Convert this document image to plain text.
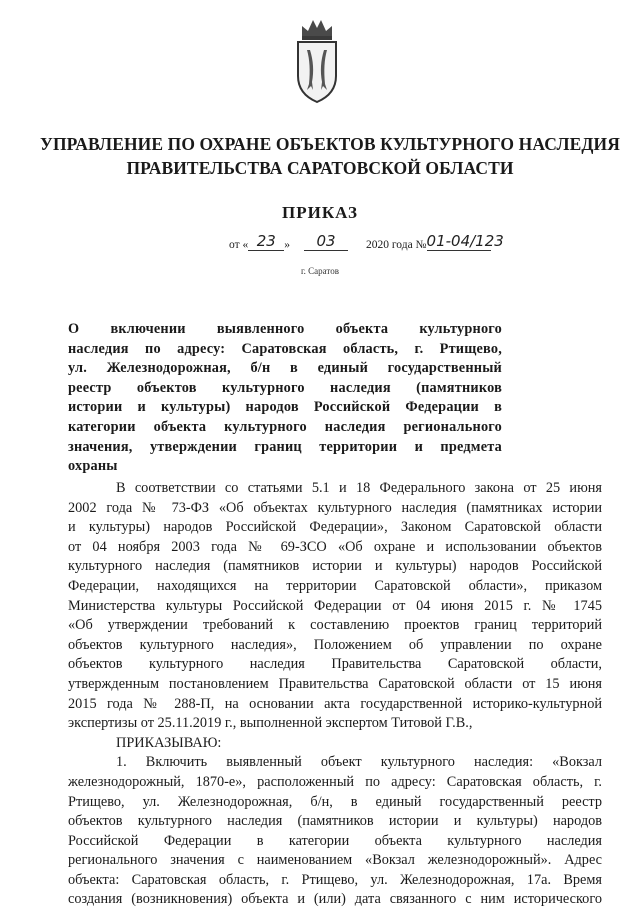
УПРАВЛЕНИЕ ПО ОХРАНЕ ОБЪЕКТОВ КУЛЬТУРНОГО НАСЛЕДИЯ
ПРАВИТЕЛЬСТВА САРАТОВСКОЙ ОБЛАСТИ
ПРИКАЗ
от « 23 » 03	2020 года №01-04/123
г. Саратов
О включении выявленного объекта культурного
наследия по адресу: Саратовская область, г. Ртищево,
ул. Железнодорожная, б/н в единый государственный
реестр объектов культурного наследия (памятников
истории и культуры) народов Российской Федерации в
категории объекта культурного наследия регионального
значения, утверждении границ территории и предмета
охраны
В соответствии со статьями 5.1 и 18 Федерального закона от 25 июня
2002 года № 73-ФЗ «Об объектах культурного наследия (памятниках истории
и культуры) народов Российской Федерации», Законом Саратовской области
от 04 ноября 2003 года № 69-ЗСО «Об охране и использовании объектов
культурного наследия (памятников истории и культуры) народов Российской
Федерации, находящихся на территории Саратовской области», приказом
Министерства культуры Российской Федерации от 04 июня 2015 г. № 1745
«Об утверждении требований к составлению проектов границ территорий
объектов культурного наследия», Положением об управлении по охране
объектов культурного наследия Правительства Саратовской области,
утвержденным постановлением Правительства Саратовской области от 15 июня
2015 года № 288-П, на основании акта государственной историко-культурной
экспертизы от 25.11.2019 г., выполненной экспертом Титовой Г.В.,
ПРИКАЗЫВАЮ:
1. Включить выявленный объект культурного наследия: «Вокзал
железнодорожный, 1870-е», расположенный по адресу: Саратовская область, г.
Ртищево, ул. Железнодорожная, б/н, в единый государственный реестр
объектов культурного наследия (памятников истории и культуры) народов
Российской Федерации в категории объекта культурного наследия
регионального значения с наименованием «Вокзал железнодорожный». Адрес
объекта: Саратовская область, г. Ртищево, ул. Железнодорожная, 17а. Время
создания (возникновения) объекта и (или) дата связанного с ним исторического
